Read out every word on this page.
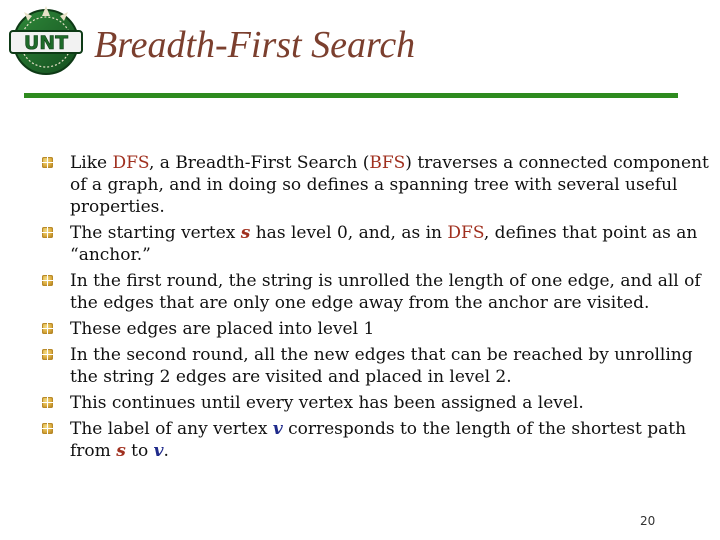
UNT Breadth-First Search
Like DFS, a Breadth-First Search (BFS) traverses a connected component of a graph, and in doing so defines a spanning tree with several useful properties.
The starting vertex s has level 0, and, as in DFS, defines that point as an “anchor.”
In the first round, the string is unrolled the length of one edge, and all of the edges that are only one edge away from the anchor are visited.
These edges are placed into level 1
In the second round, all the new edges that can be reached by unrolling the string 2 edges are visited and placed in level 2.
This continues until every vertex has been assigned a level.
The label of any vertex v corresponds to the length of the shortest path from s to v.
20
